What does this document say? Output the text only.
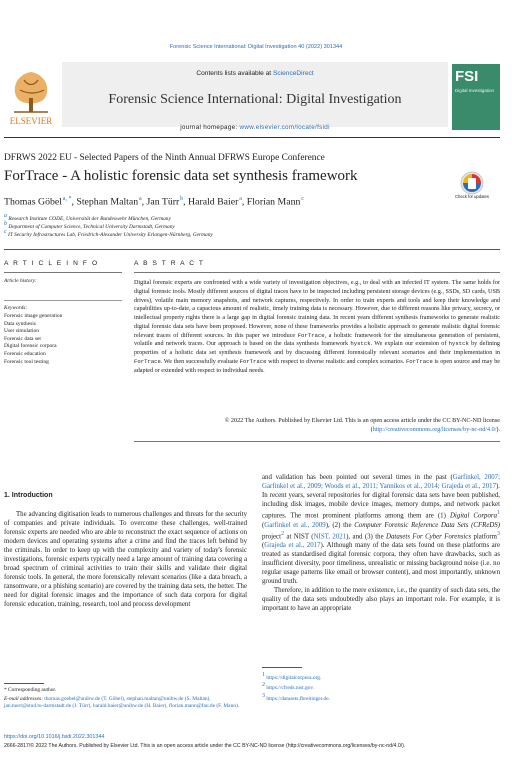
Forensic Science International: Digital Investigation 40 (2022) 301344
Contents lists available at ScienceDirect
Forensic Science International: Digital Investigation
journal homepage: www.elsevier.com/locate/fsidi
ELSEVIER
FSI
Digital Investigation
DFRWS 2022 EU - Selected Papers of the Ninth Annual DFRWS Europe Conference
ForTrace - A holistic forensic data set synthesis framework
Check for updates
Thomas Göbel $^{a, *}$, Stephan Maltan $^a$, Jan Türr $^b$, Harald Baier $^a$, Florian Mann $^c$
$^a$ Research Institute CODE, Universität der Bundeswehr München, Germany
$^b$ Department of Computer Science, Technical University Darmstadt, Germany
$^c$ IT Security Infrastructures Lab, Friedrich-Alexander University Erlangen-Nürnberg, Germany
A R T I C L E I N F O	A B S T R A C T
Article history:
Keywords:
Forensic image generation
Data synthesis
User simulation
Forensic data set
Digital forensic corpora
Forensic education
Forensic tool testing
Digital forensic experts are confronted with a wide variety of investigation objectives, e.g., to deal with an infected IT system. The same holds for digital forensic tools. Mostly different sources of digital traces have to be inspected including persistent storage devices (e.g., SSDs, SD cards, USB drives), volatile main memory snapshots, and network captures, respectively. In order to train experts and tools and keep their knowledge and capabilities up-to-date, a capacious amount of realistic, timely training data is necessary. However, due to different reasons like privacy, secrecy, or intellectual property rights there is a large gap in digital forensic training data. In recent years different synthesis frameworks to generate realistic digital forensic data sets have been proposed. However, none of these frameworks provides a holistic approach to generate realistic digital forensic relevant traces of different sources. In this paper we introduce ForTrace, a holistic framework for the simultaneous generation of persistent, volatile and network traces. Our approach is based on the data synthesis framework hystck. We explain our extension of hystck by defining properties of a holistic data set synthesis framework and by discussing different forensically relevant scenarios and their implementation in ForTrace. We then successfully evaluate ForTrace with respect to diverse realistic and complex scenarios. ForTrace is open source and may be adapted or extended with respect to individual needs.
© 2022 The Authors. Published by Elsevier Ltd. This is an open access article under the CC BY-NC-ND license (http://creativecommons.org/licenses/by-nc-nd/4.0/).
1. Introduction

The advancing digitisation leads to numerous challenges and threats for the security of companies and private individuals. To overcome these challenges, well-trained forensic experts are needed who are able to reconstruct the exact sequence of actions on modern devices and operating systems after a crime and find the traces left behind by the criminals. In order to keep up with the complexity and variety of today's forensic investigations, forensic experts typically need a large amount of training data covering a broad spectrum of criminal activities to train their skills and validate their digital forensic tools. In general, the more forensically relevant scenarios (like a data breach, a ransomware, or a phishing scenario) are covered by the training data sets, the better. The need for digital forensic images and the importance of such data corpora for digital forensic education, training, research, tool and process development

and validation has been pointed out several times in the past (Garfinkel, 2007; Garfinkel et al., 2009; Woods et al., 2011; Yannikos et al., 2014; Grajeda et al., 2017). In recent years, several repositories for digital forensic data sets have been published, including disk images, mobile device images, memory dumps, and network packet captures. The most prominent platforms among them are (1) Digital Corpora$^1$ (Garfinkel et al., 2009), (2) the Computer Forensic Reference Data Sets (CFReDS) project$^2$ at NIST (NIST, 2021), and (3) the Datasets For Cyber Forensics platform$^3$ (Grajeda et al., 2017). Although many of the data sets found on these platforms are treated as standardised digital forensic corpora, they often have drawbacks, such as insufficient diversity, poor timeliness, unrealistic or missing background noise (i.e. no regular usage patterns like email or browser content), and most importantly, unknown ground truth.

Therefore, in addition to the mere existence, i.e., the quantity of such data sets, the quality of the data sets undoubtedly also plays an important role. For example, it is important to have an appropriate

* Corresponding author.
E-mail addresses: thomas.goebel@unibw.de (T. Göbel), stephan.maltan@unibw.de (S. Maltan), jan.tuerr@stud.tu-darmstadt.de (J. Türr), harald.baier@unibw.de (H. Baier), florian.mann@fau.de (F. Mann).
$^1$ https://digitalcorpora.org.
$^2$ https://cfreds.nist.gov.
$^3$ https://datasets.fbreitinger.de.
https://doi.org/10.1016/j.fsidi.2022.301344
2666-2817/© 2022 The Authors. Published by Elsevier Ltd. This is an open access article under the CC BY-NC-ND license (http://creativecommons.org/licenses/by-nc-nd/4.0/).
